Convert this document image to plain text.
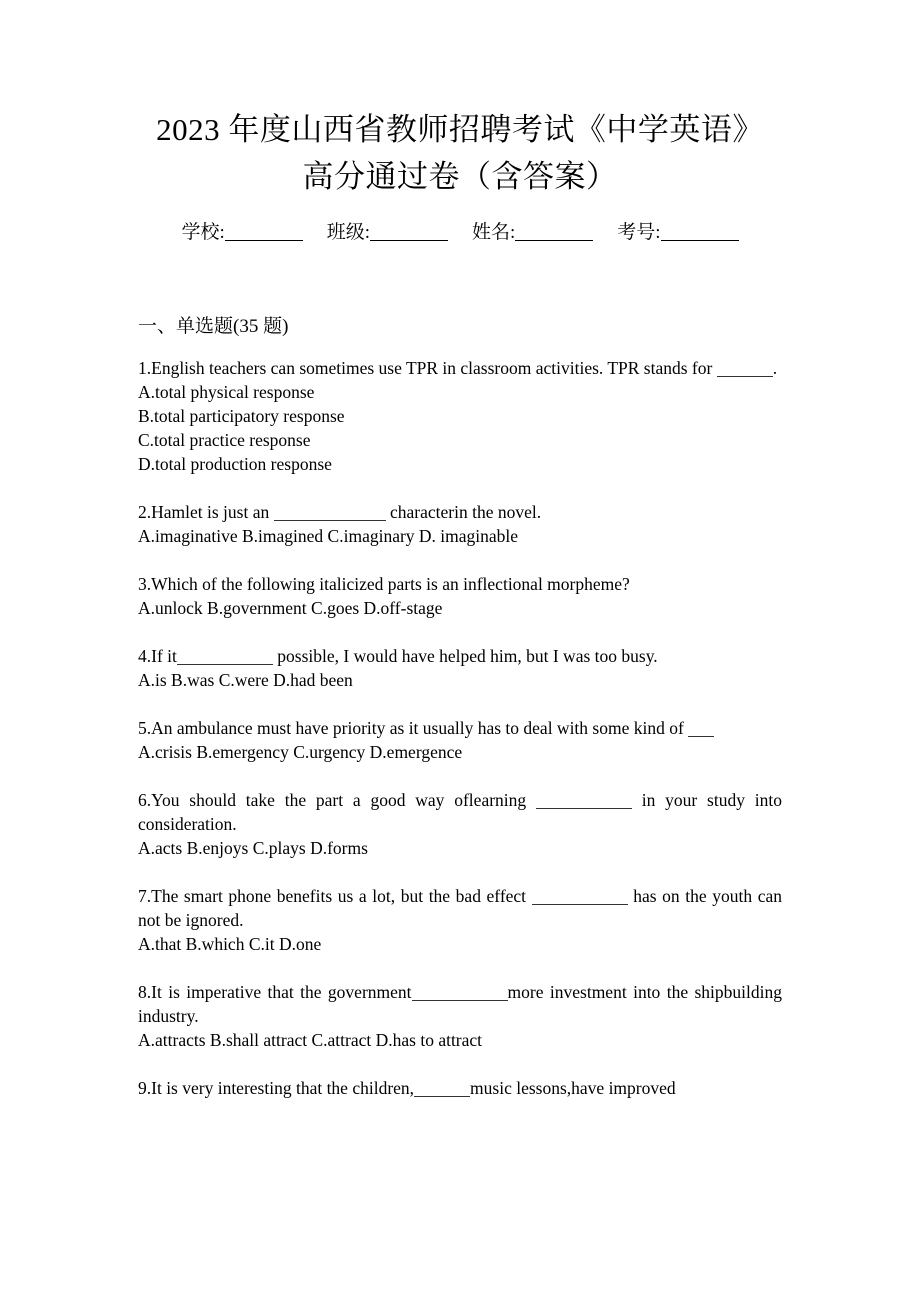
2023 年度山西省教师招聘考试《中学英语》
高分通过卷（含答案）
学校:	班级:	姓名:	考号:
一、单选题(35 题)
1.English teachers can sometimes use TPR in classroom activities. TPR stands for	.
A.total physical response
B.total participatory response
C.total practice response
D.total production response
2.Hamlet is just an	characterin the novel.
A.imaginative B.imagined C.imaginary D. imaginable
3.Which of the following italicized parts is an inflectional morpheme?
A.unlock B.government C.goes D.off-stage
4.If it	possible, I would have helped him, but I was too busy.
A.is B.was C.were D.had been
5.An ambulance must have priority as it usually has to deal with some kind of
A.crisis B.emergency C.urgency D.emergence
6.You should take the part a good way oflearning	in your study into consideration.
A.acts B.enjoys C.plays D.forms
7.The smart phone benefits us a lot, but the bad effect	has on the youth can not be ignored.
A.that B.which C.it D.one
8.It is imperative that the government	more investment into the shipbuilding industry.
A.attracts B.shall attract C.attract D.has to attract
9.It is very interesting that the children,	music lessons,have improved
